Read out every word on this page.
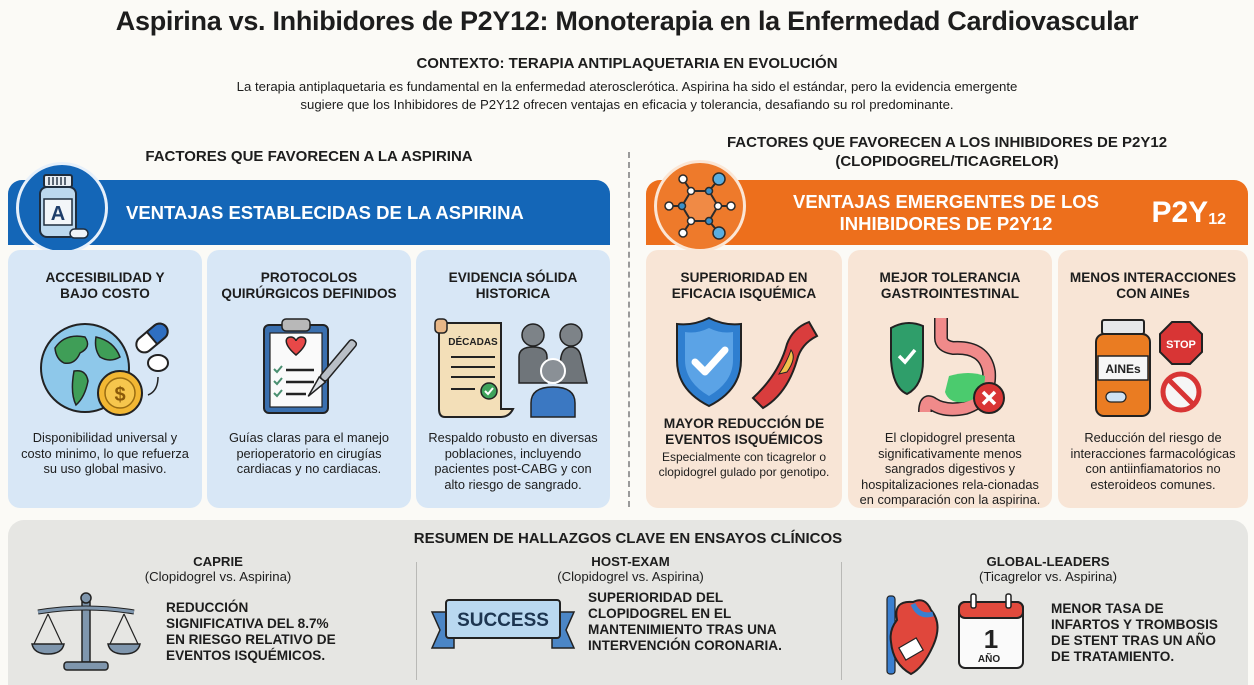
Aspirina vs. Inhibidores de P2Y12: Monoterapia en la Enfermedad Cardiovascular
CONTEXTO: TERAPIA ANTIPLAQUETARIA EN EVOLUCIÓN
La terapia antiplaquetaria es fundamental en la enfermedad aterosclerótica. Aspirina ha sido el estándar, pero la evidencia emergente
sugiere que los Inhibidores de P2Y12 ofrecen ventajas en eficacia y tolerancia, desafiando su rol predominante.
FACTORES QUE FAVORECEN A LA ASPIRINA
FACTORES QUE FAVORECEN A LOS INHIBIDORES DE P2Y12
(CLOPIDOGREL/TICAGRELOR)
VENTAJAS ESTABLECIDAS DE LA ASPIRINA
A
VENTAJAS EMERGENTES DE LOS
INHIBIDORES DE P2Y12	$P2Y_{12}$
ACCESIBILIDAD Y
BAJO COSTO
$
Disponibilidad universal y costo minimo, lo que refuerza su uso global masivo.
PROTOCOLOS
QUIRÚRGICOS DEFINIDOS
Guías claras para el manejo perioperatorio en cirugías cardiacas y no cardiacas.
EVIDENCIA SÓLIDA
HISTORICA
DÉCADAS
Respaldo robusto en diversas poblaciones, incluyendo pacientes post-CABG y con alto riesgo de sangrado.
SUPERIORIDAD EN
EFICACIA ISQUÉMICA
MAYOR REDUCCIÓN DE
EVENTOS ISQUÉMICOS
Especialmente con ticagrelor o clopidogrel gulado por genotipo.
MEJOR TOLERANCIA
GASTROINTESTINAL
El clopidogrel presenta significativamente menos sangrados digestivos y hospitalizaciones rela-cionadas en comparación con la aspirina.
MENOS INTERACCIONES
CON AINEs
AINEs
STOP
Reducción del riesgo de interacciones farmacológicas con antiinfiamatorios no esteroideos comunes.
RESUMEN DE HALLAZGOS CLAVE EN ENSAYOS CLÍNICOS
CAPRIE
(Clopidogrel vs. Aspirina)
REDUCCIÓN
SIGNIFICATIVA DEL 8.7%
EN RIESGO RELATIVO DE
EVENTOS ISQUÉMICOS.
HOST-EXAM
(Clopidogrel vs. Aspirina)
SUCCESS
SUPERIORIDAD DEL
CLOPIDOGREL EN EL
MANTENIMIENTO TRAS UNA
INTERVENCIÓN CORONARIA.
GLOBAL-LEADERS
(Ticagrelor vs. Aspirina)
1
AÑO
MENOR TASA DE
INFARTOS Y TROMBOSIS
DE STENT TRAS UN AÑO
DE TRATAMIENTO.
